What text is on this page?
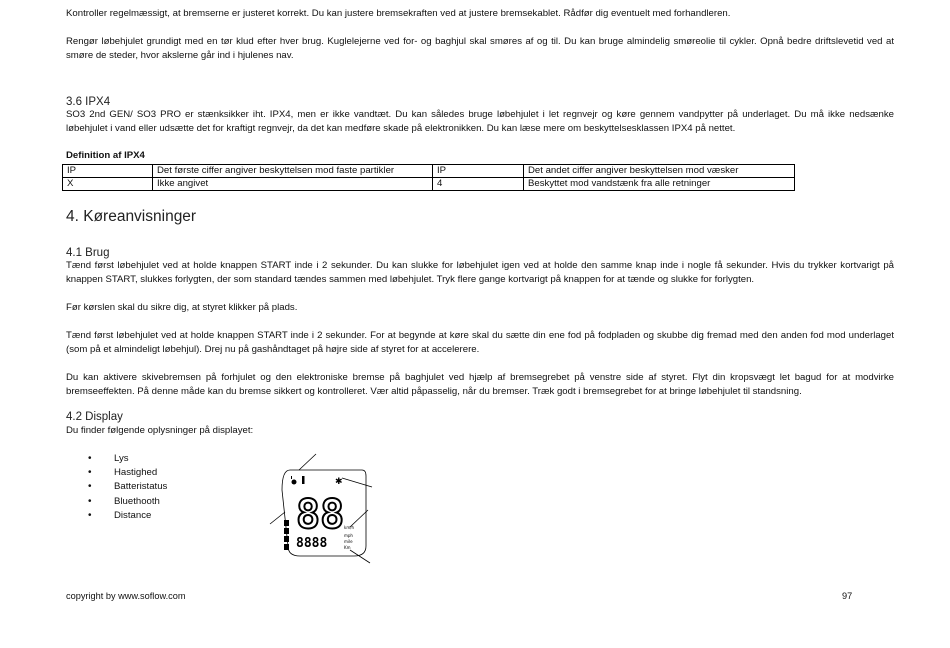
Kontroller regelmæssigt, at bremserne er justeret korrekt. Du kan justere bremsekraften ved at justere bremsekablet. Rådfør dig eventuelt med forhandleren.

Rengør løbehjulet grundigt med en tør klud efter hver brug. Kuglelejerne ved for- og baghjul skal smøres af og til. Du kan bruge almindelig smøreolie til cykler. Opnå bedre driftslevetid ved at smøre de steder, hvor akslerne går ind i hjulenes nav.

3.6 IPX4

SO3 2nd GEN/ SO3 PRO er stænksikker iht. IPX4, men er ikke vandtæt. Du kan således bruge løbehjulet i let regnvejr og køre gennem vandpytter på underlaget. Du må ikke nedsænke løbehjulet i vand eller udsætte det for kraftigt regnvejr, da det kan medføre skade på elektronikken. Du kan læse mere om beskyttelsesklassen IPX4 på nettet.

Definition af IPX4

IP	Det første ciffer angiver beskyttelsen mod faste partikler	IP	Det andet ciffer angiver beskyttelsen mod væsker
X	Ikke angivet	4	Beskyttet mod vandstænk fra alle retninger

4. Køreanvisninger

4.1 Brug

Tænd først løbehjulet ved at holde knappen START inde i 2 sekunder. Du kan slukke for løbehjulet igen ved at holde den samme knap inde i nogle få sekunder. Hvis du trykker kortvarigt på knappen START, slukkes forlygten, der som standard tændes sammen med løbehjulet. Tryk flere gange kortvarigt på knappen for at tænde og slukke for forlygten.

Før kørslen skal du sikre dig, at styret klikker på plads.

Tænd først løbehjulet ved at holde knappen START inde i 2 sekunder. For at begynde at køre skal du sætte din ene fod på fodpladen og skubbe dig fremad med den anden fod mod underlaget (som på et almindeligt løbehjul). Drej nu på gashåndtaget på højre side af styret for at accelerere.

Du kan aktivere skivebremsen på forhjulet og den elektroniske bremse på baghjulet ved hjælp af bremsegrebet på venstre side af styret. Flyt din kropsvægt let bagud for at modvirke bremseeffekten. På denne måde kan du bremse sikkert og kontrolleret. Vær altid påpasselig, når du bremser. Træk godt i bremsegrebet for at bringe løbehjulet til standsning.

4.2 Display

Du finder følgende oplysninger på displayet:

• Lys
• Hastighed
• Batteristatus
• Bluethooth
• Distance
✱
88
8888
km/h
mph
mile
Km
copyright by www.soflow.com	97
